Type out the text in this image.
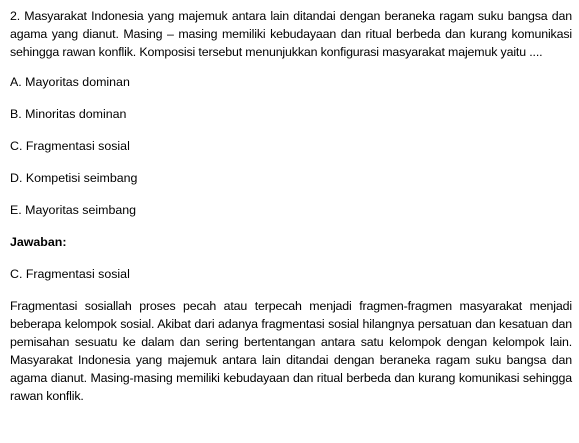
2. Masyarakat Indonesia yang majemuk antara lain ditandai dengan beraneka ragam suku bangsa dan agama yang dianut. Masing – masing memiliki kebudayaan dan ritual berbeda dan kurang komunikasi sehingga rawan konflik. Komposisi tersebut menunjukkan konfigurasi masyarakat majemuk yaitu ....

A. Mayoritas dominan

B. Minoritas dominan

C. Fragmentasi sosial

D. Kompetisi seimbang

E. Mayoritas seimbang

Jawaban:

C. Fragmentasi sosial

Fragmentasi sosiallah proses pecah atau terpecah menjadi fragmen-fragmen masyarakat menjadi beberapa kelompok sosial. Akibat dari adanya fragmentasi sosial hilangnya persatuan dan kesatuan dan pemisahan sesuatu ke dalam dan sering bertentangan antara satu kelompok dengan kelompok lain. Masyarakat Indonesia yang majemuk antara lain ditandai dengan beraneka ragam suku bangsa dan agama dianut. Masing-masing memiliki kebudayaan dan ritual berbeda dan kurang komunikasi sehingga rawan konflik.
